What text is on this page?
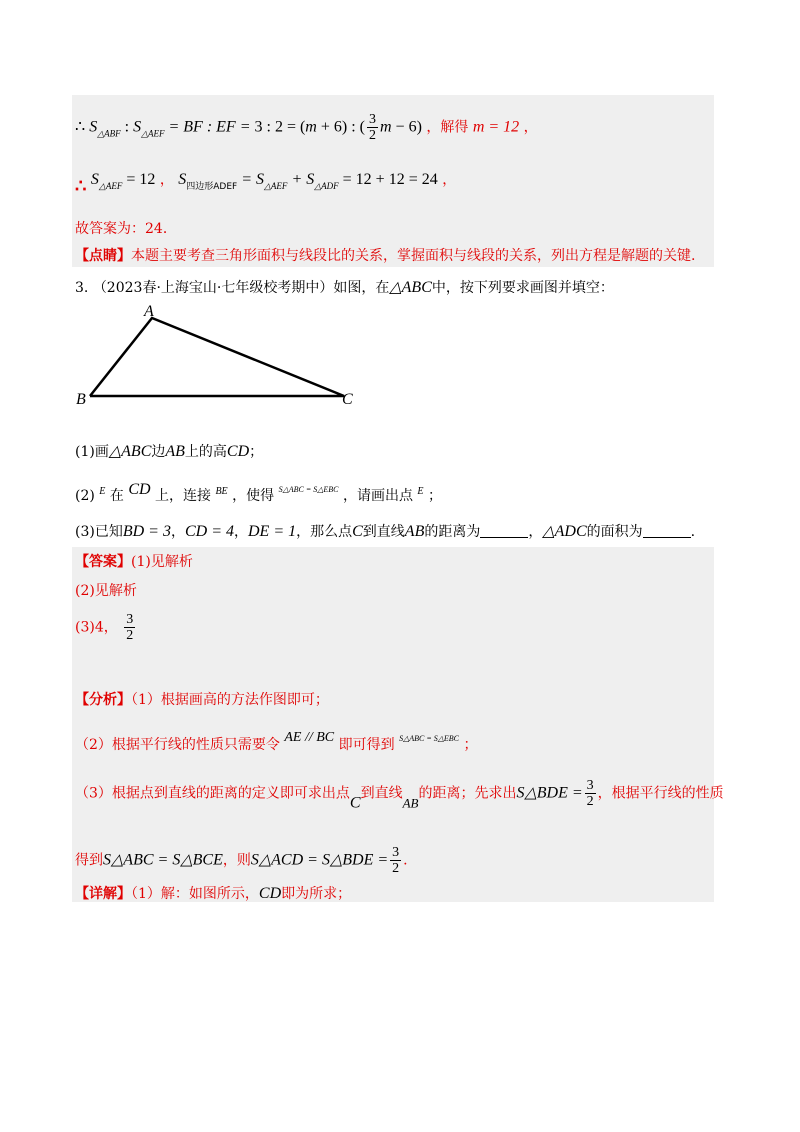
∴ $S_{\triangle ABF}$ : $S_{\triangle AEF}$ = BF : EF = 3 : 2 = (m + 6) : ( $\frac{3}{2}$ m − 6) ，解得 m = 12 ，
∴ $S_{\triangle AEF} = 12$ ， $S_{四边形ADEF} = S_{\triangle AEF} + S_{\triangle ADF} = 12 + 12 = 24$ ，
故答案为：24．
【点睛】本题主要考查三角形面积与线段比的关系，掌握面积与线段的关系，列出方程是解题的关键.
3. （2023春·上海宝山·七年级校考期中）如图，在△ABC中，按下列要求画图并填空：
A
B	C
(1)画△ABC边AB上的高CD；
(2) $^E$ 在 CD 上，连接 $^{BE}$ ，使得 $^{S\triangle ABC = S\triangle EBC}$ ，请画出点 $^E$ ；
(3)已知BD = 3，CD = 4，DE = 1，那么点C到直线AB的距离为	，△ADC的面积为	.
【答案】(1)见解析
(2)见解析
(3)4， $\frac{3}{2}$
【分析】（1）根据画高的方法作图即可；
（2）根据平行线的性质只需要令 AE // BC 即可得到 $^{S\triangle ABC = S\triangle EBC}$ ；
（3）根据点到直线的距离的定义即可求出点C到直线AB的距离；先求出S△BDE = $\frac{3}{2}$ ，根据平行线的性质
得到S△ABC = S△BCE，则S△ACD = S△BDE = $\frac{3}{2}$ .
【详解】（1）解：如图所示，CD即为所求；
